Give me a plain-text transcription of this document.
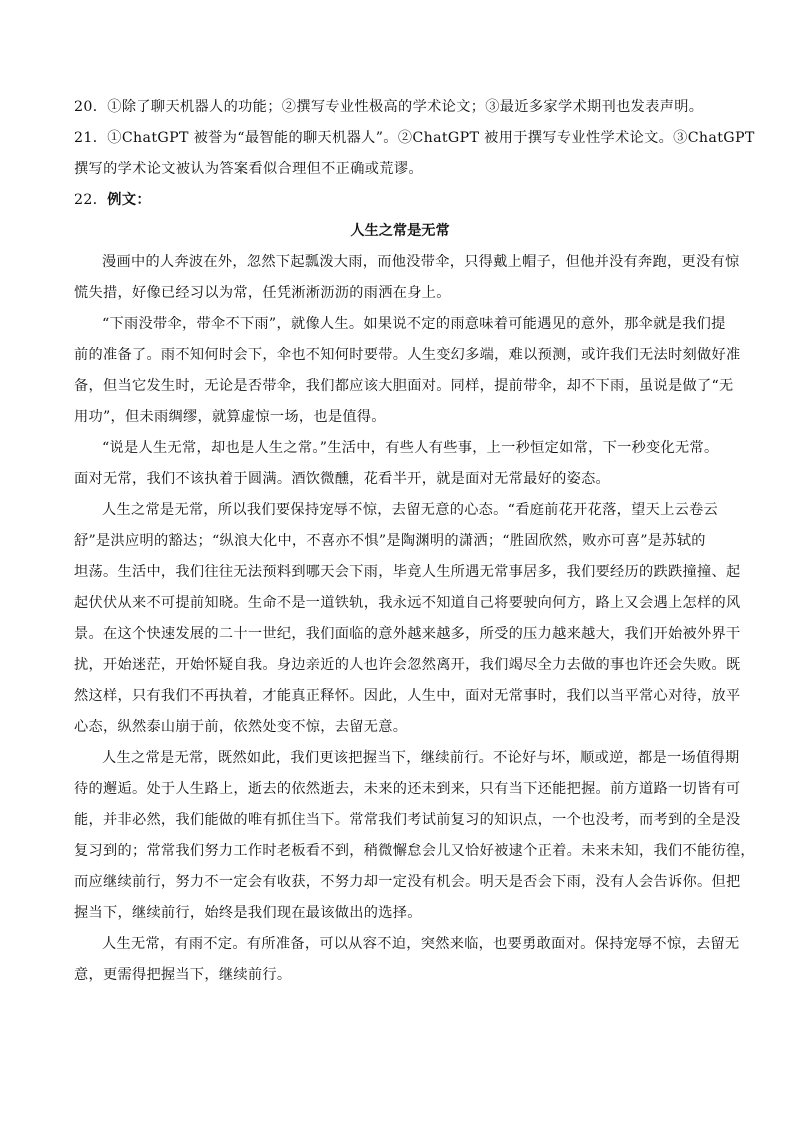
20．①除了聊天机器人的功能；②撰写专业性极高的学术论文；③最近多家学术期刊也发表声明。
21．①ChatGPT 被誉为“最智能的聊天机器人”。②ChatGPT 被用于撰写专业性学术论文。③ChatGPT
撰写的学术论文被认为答案看似合理但不正确或荒谬。
22．例文：
人生之常是无常
漫画中的人奔波在外，忽然下起瓢泼大雨，而他没带伞，只得戴上帽子，但他并没有奔跑，更没有惊
慌失措，好像已经习以为常，任凭淅淅沥沥的雨洒在身上。
“下雨没带伞，带伞不下雨”，就像人生。如果说不定的雨意味着可能遇见的意外，那伞就是我们提
前的准备了。雨不知何时会下，伞也不知何时要带。人生变幻多端，难以预测，或许我们无法时刻做好准
备，但当它发生时，无论是否带伞，我们都应该大胆面对。同样，提前带伞，却不下雨，虽说是做了“无
用功”，但未雨绸缪，就算虚惊一场，也是值得。
“说是人生无常，却也是人生之常。”生活中，有些人有些事，上一秒恒定如常，下一秒变化无常。
面对无常，我们不该执着于圆满。酒饮微醺，花看半开，就是面对无常最好的姿态。
人生之常是无常，所以我们要保持宠辱不惊，去留无意的心态。“看庭前花开花落，望天上云卷云
舒”是洪应明的豁达；“纵浪大化中，不喜亦不惧”是陶渊明的潇洒；“胜固欣然，败亦可喜”是苏轼的
坦荡。生活中，我们往往无法预料到哪天会下雨，毕竟人生所遇无常事居多，我们要经历的跌跌撞撞、起
起伏伏从来不可提前知晓。生命不是一道铁轨，我永远不知道自己将要驶向何方，路上又会遇上怎样的风
景。在这个快速发展的二十一世纪，我们面临的意外越来越多，所受的压力越来越大，我们开始被外界干
扰，开始迷茫，开始怀疑自我。身边亲近的人也许会忽然离开，我们竭尽全力去做的事也许还会失败。既
然这样，只有我们不再执着，才能真正释怀。因此，人生中，面对无常事时，我们以当平常心对待，放平
心态，纵然泰山崩于前，依然处变不惊，去留无意。
人生之常是无常，既然如此，我们更该把握当下，继续前行。不论好与坏，顺或逆，都是一场值得期
待的邂逅。处于人生路上，逝去的依然逝去，未来的还未到来，只有当下还能把握。前方道路一切皆有可
能，并非必然，我们能做的唯有抓住当下。常常我们考试前复习的知识点，一个也没考，而考到的全是没
复习到的；常常我们努力工作时老板看不到，稍微懈怠会儿又恰好被逮个正着。未来未知，我们不能彷徨，
而应继续前行，努力不一定会有收获，不努力却一定没有机会。明天是否会下雨，没有人会告诉你。但把
握当下，继续前行，始终是我们现在最该做出的选择。
人生无常，有雨不定。有所准备，可以从容不迫，突然来临，也要勇敢面对。保持宠辱不惊，去留无
意，更需得把握当下，继续前行。
